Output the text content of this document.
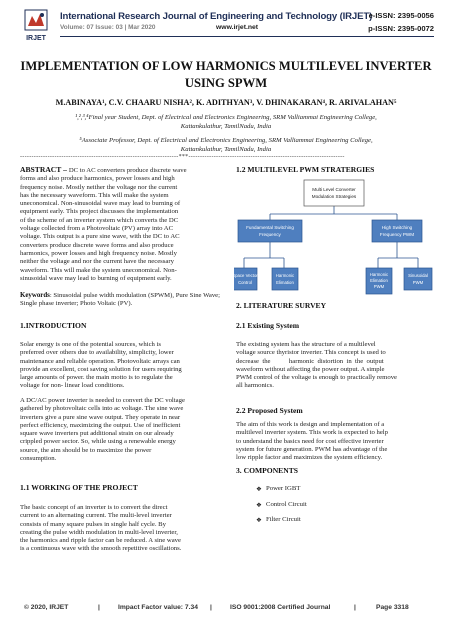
IRJET
International Research Journal of Engineering and Technology (IRJET)
e-ISSN: 2395-0056
Volume: 07 Issue: 03 | Mar 2020	www.irjet.net	p-ISSN: 2395-0072
IMPLEMENTATION OF LOW HARMONICS MULTILEVEL INVERTER
USING SPWM
M.ABINAYA¹, C.V. CHAARU NISHA², K. ADITHYAN³, V. DHINAKARAN⁴, R. ARIVALAHAN⁵
¹,²,³,⁴Final year Student, Dept. of Electrical and Electronics Engineering, SRM Valliammai Engineering College,
Kattankulathur, TamilNadu, India
⁵Associate Professor, Dept. of Electrical and Electronics Engineering, SRM Valliammai Engineering College,
Kattankulathur, TamilNadu, India
---------------------------------------------------------------------***--------------------------------------------------------------------
ABSTRACT – DC to AC converters produce discrete wave
forms and also produce harmonics, power losses and high
frequency noise. Mostly neither the voltage nor the current
has the necessary waveform. This will make the system
uneconomical. Non-sinusoidal wave may lead to burning of
equipment early. This project discusses the implementation
of the scheme of an inverter system which converts the DC
voltage collected from a Photovoltaic (PV) array into AC
voltage. This output is a pure sine wave, with the DC to AC
converters produce discrete wave forms and also produce
harmonics, power losses and high frequency noise. Mostly
neither the voltage and nor the current have the necessary
waveform. This will make the system uneconomical. Non-
sinusoidal wave may lead to burning of equipment early.
Keywords: Sinusoidal pulse width modulation (SPWM), Pure Sine Wave; Single phase inverter; Photo Voltaic (PV).
1.INTRODUCTION
Solar energy is one of the potential sources, which is
preferred over others due to availability, simplicity, lower
maintenance and reliable operation. Photovoltaic arrays can
provide an excellent, cost saving solution for users requiring
large amounts of power. the main motto is to regulate the
voltage for non- linear load conditions.
A DC/AC power inverter is needed to convert the DC voltage
gathered by photovoltaic cells into ac voltage. The sine wave
inverters give a pure sine wave output. They operate in near
perfect efficiency, maximizing the output. Use of inefficient
square wave inverters put additional strain on our already
crippled power sector. So, while using a renewable energy
source, the aim should be to maximize the power
consumption.
1.1 WORKING OF THE PROJECT
The basic concept of an inverter is to convert the direct
current to an alternating current. The multi-level inverter
consists of many square pulses in single half cycle. By
creating the pulse width modulation in multi-level inverter,
the harmonics and ripple factor can be reduced. A sine wave
is a continuous wave with the smooth repetitive oscillations.
1.2 MULTILEVEL PWM STRATERGIES
Multi Level Converter
Modulation Strategies
Fundamental Switching
Frequency
High Switching
Frequency PWM
Space Vector
Control
Harmonic
Elimation
Harmonic
Elimation
PWM
Sinusoidal
PWM
2. LITERATURE SURVEY
2.1 Existing System
The existing system has the structure of a multilevel
voltage source thyristor inverter. This concept is used to
decrease  the           harmonic  distortion  in  the  output
waveform without affecting the power output. A simple
PWM control of the voltage is enough to practically remove
all harmonics.
2.2 Proposed System
The aim of this work is design and implementation of a
multilevel inverter system. This work is expected to help
to understand the basics need for cost effective inverter
system for future generation. PWM has advantage of the
low ripple factor and maximizes the system efficiency.
3. COMPONENTS
❖ Power IGBT
❖ Control Circuit
❖ Filter Circuit
© 2020, IRJET	|	Impact Factor value: 7.34 |	ISO 9001:2008 Certified Journal	|	Page 3318
